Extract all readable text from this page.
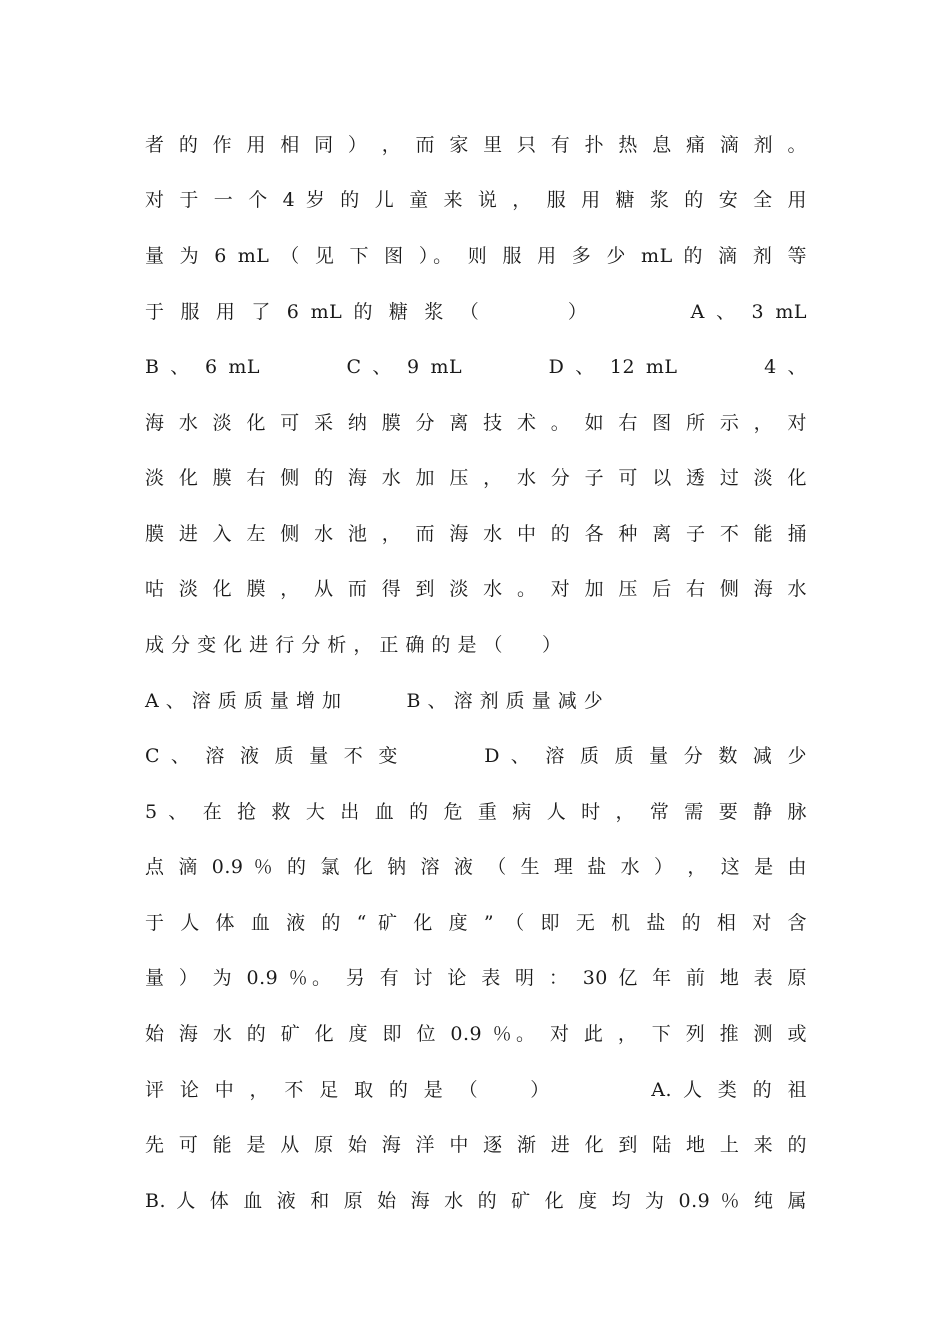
者 的 作 用 相 同 ） ， 而 家 里 只 有 扑 热 息 痛 滴 剂 。
对 于 一 个 4 岁 的 儿 童 来 说 ， 服 用 糖 浆 的 安 全 用
量 为 6 mL （ 见 下 图 ）。 则 服 用 多 少 mL 的 滴 剂 等
于 服 用 了 6 mL 的 糖 浆 （　　　 ）　　　　 A 、 3 mL
B 、 6 mL　　　 C 、 9 mL　　　 D 、 12 mL　　　 4 、
海 水 淡 化 可 采 纳 膜 分 离 技 术 。 如 右 图 所 示 ， 对
淡 化 膜 右 侧 的 海 水 加 压 ， 水 分 子 可 以 透 过 淡 化
膜 进 入 左 侧 水 池 ， 而 海 水 中 的 各 种 离 子 不 能 捅
咕 淡 化 膜 ， 从 而 得 到 淡 水 。 对 加 压 后 右 侧 海 水
成 分 变 化 进 行 分 析 ， 正 确 的 是 （　　）
A 、 溶 质 质 量 增 加　　　 B 、 溶 剂 质 量 减 少
C 、 溶 液 质 量 不 变　　　 D 、 溶 质 质 量 分 数 减 少
5 、 在 抢 救 大 出 血 的 危 重 病 人 时 ， 常 需 要 静 脉
点 滴 0.9 ％ 的 氯 化 钠 溶 液 （ 生 理 盐 水 ） ， 这 是 由
于 人 体 血 液 的 “ 矿 化 度 ” （ 即 无 机 盐 的 相 对 含
量 ） 为 0.9 ％。 另 有 讨 论 表 明 ： 30 亿 年 前 地 表 原
始 海 水 的 矿 化 度 即 位 0.9 ％。 对 此 ， 下 列 推 测 或
评 论 中 ， 不 足 取 的 是 （　　）　　　　 A. 人 类 的 祖
先 可 能 是 从 原 始 海 洋 中 逐 渐 进 化 到 陆 地 上 来 的
B. 人 体 血 液 和 原 始 海 水 的 矿 化 度 均 为 0.9 ％ 纯 属
